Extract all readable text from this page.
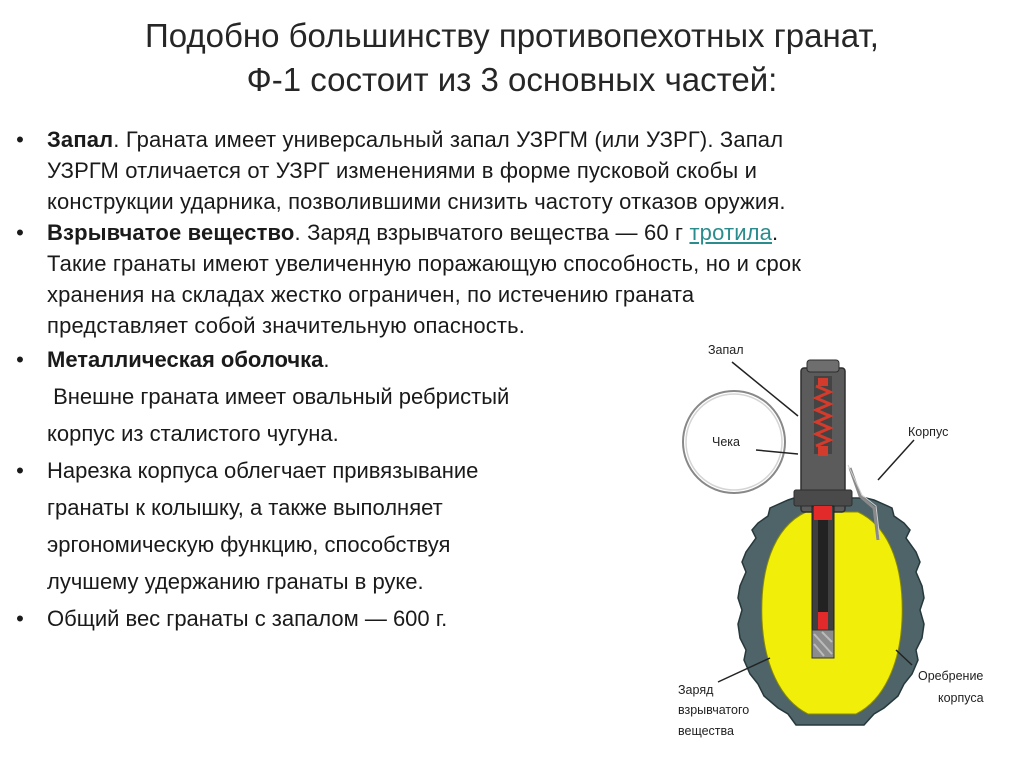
Подобно большинству противопехотных гранат,
Ф-1 состоит из 3 основных частей:
• Запал. Граната имеет универсальный запал УЗРГМ (или УЗРГ). Запал
УЗРГМ отличается от УЗРГ изменениями в форме пусковой скобы и
конструкции ударника, позволившими снизить частоту отказов оружия.
• Взрывчатое вещество. Заряд взрывчатого вещества — 60 г тротила.
Такие гранаты имеют увеличенную поражающую способность, но и срок
хранения на складах жестко ограничен, по истечению граната
представляет собой значительную опасность.
• Металлическая оболочка.
Внешне граната имеет овальный ребристый
корпус из сталистого чугуна.
• Нарезка корпуса облегчает привязывание
гранаты к колышку, а также выполняет
эргономическую функцию, способствуя
лучшему удержанию гранаты в руке.
• Общий вес гранаты с запалом — 600 г.
Запал
Чека
Корпус
Оребрение
корпуса
Заряд
взрывчатого
вещества
